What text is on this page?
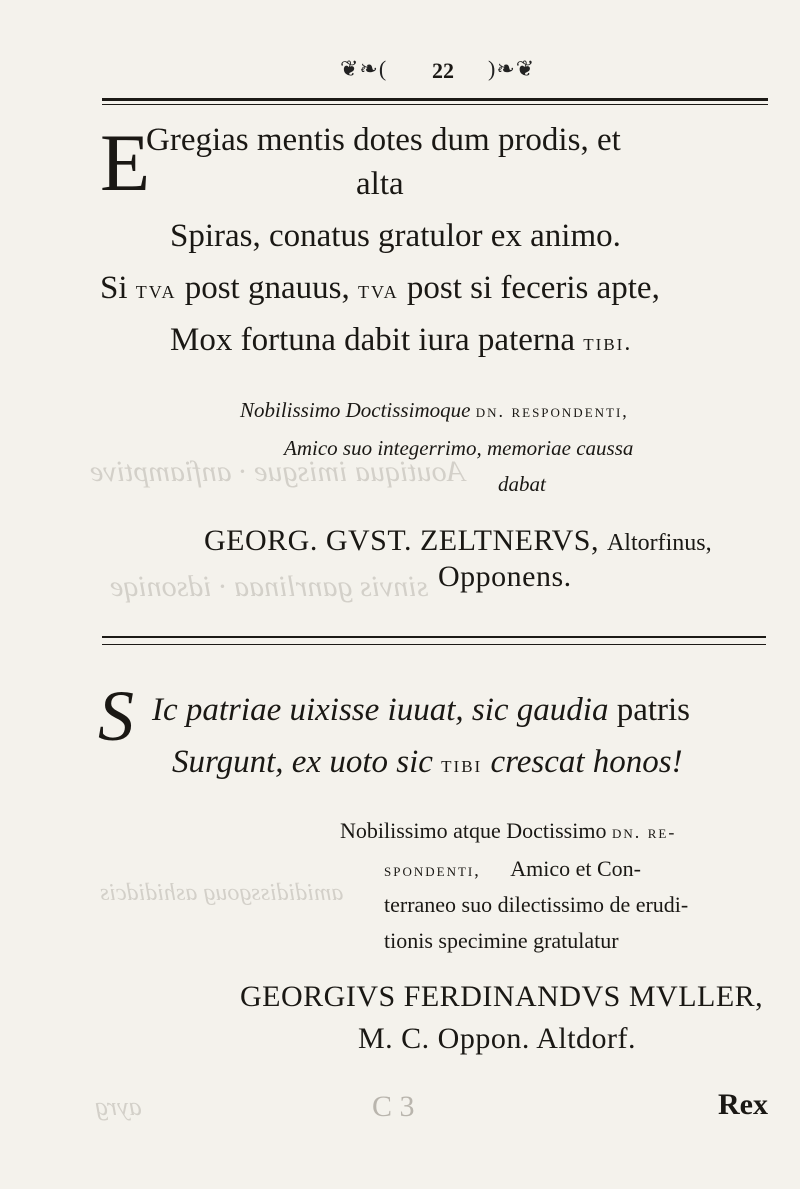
Aoutiqua imisgue · anfiamptive
sinvis ganrlinaa · idsoniqe
amididissgoug ashididcis
ayrg
❦❧( 22 )❧❦
E
Gregias mentis dotes dum prodis, et
alta
Spiras, conatus gratulor ex animo.
Si tva post gnauus, tva post si feceris apte,
Mox fortuna dabit iura paterna tibi.
Nobilissimo Doctissimoque dn. respondenti,
Amico suo integerrimo, memoriae caussa
dabat
GEORG. GVST. ZELTNERVS, Altorfinus,
Opponens.
S Ic patriae uixisse iuuat, sic gaudia patris
Surgunt, ex uoto sic tibi crescat honos!
Nobilissimo atque Doctissimo dn. re-
spondenti, Amico et Con-
terraneo suo dilectissimo de erudi-
tionis specimine gratulatur
GEORGIVS FERDINANDVS MVLLER,
M. C. Oppon. Altdorf.
C 3	Rex
